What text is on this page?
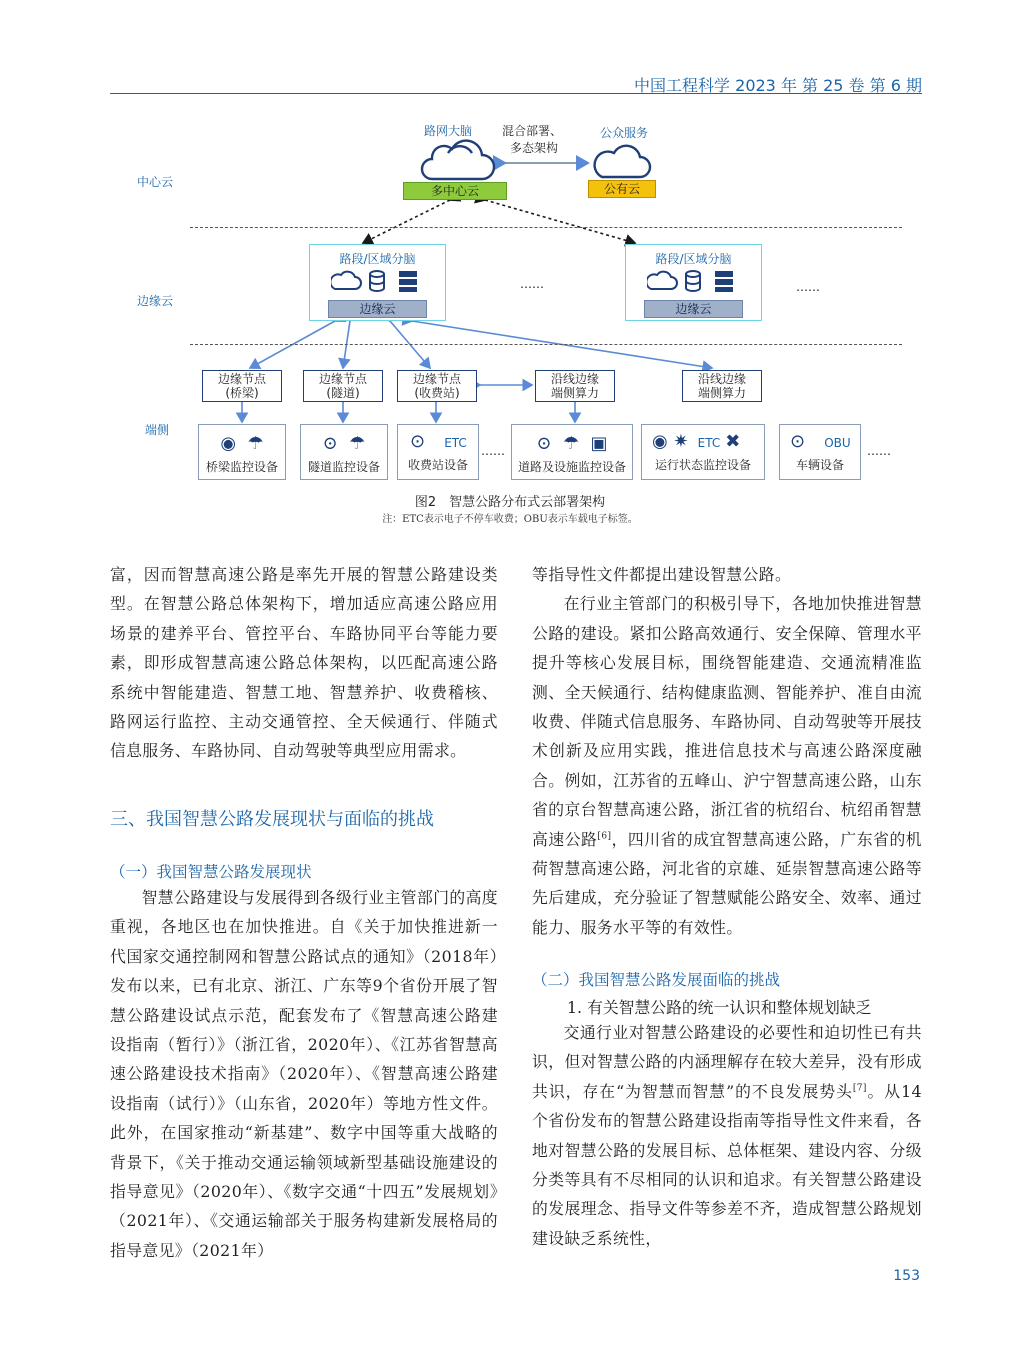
中国工程科学 2023 年 第 25 卷 第 6 期
中心云
边缘云
端侧
路网大脑
多中心云
混合部署、
多态架构
公众服务
公有云
路段/区域分脑
边缘云
……
路段/区域分脑
边缘云
……
边缘节点
(桥梁)
边缘节点
(隧道)
边缘节点
(收费站)
沿线边缘
端侧算力
沿线边缘
端侧算力
◉  ☂
桥梁监控设备
⊙  ☂
隧道监控设备
⊙ ETC
收费站设备
……	⊙  ☂  ▣
道路及设施监控设备
◉ ✷ ETC ✖
运行状态监控设备
⊙ OBU
车辆设备
……
图2　智慧公路分布式云部署架构
注：ETC表示电子不停车收费；OBU表示车载电子标签。

富，因而智慧高速公路是率先开展的智慧公路建设类型。在智慧公路总体架构下，增加适应高速公路应用场景的建养平台、管控平台、车路协同平台等能力要素，即形成智慧高速公路总体架构，以匹配高速公路系统中智能建造、智慧工地、智慧养护、收费稽核、路网运行监控、主动交通管控、全天候通行、伴随式信息服务、车路协同、自动驾驶等典型应用需求。

三、我国智慧公路发展现状与面临的挑战
（一）我国智慧公路发展现状

智慧公路建设与发展得到各级行业主管部门的高度重视，各地区也在加快推进。自《关于加快推进新一代国家交通控制网和智慧公路试点的通知》（2018年）发布以来，已有北京、浙江、广东等9个省份开展了智慧公路建设试点示范，配套发布了《智慧高速公路建设指南（暂行）》（浙江省，2020年）、《江苏省智慧高速公路建设技术指南》（2020年）、《智慧高速公路建设指南（试行）》（山东省，2020年）等地方性文件。此外，在国家推动“新基建”、数字中国等重大战略的背景下，《关于推动交通运输领域新型基础设施建设的指导意见》（2020年）、《数字交通“十四五”发展规划》（2021年）、《交通运输部关于服务构建新发展格局的指导意见》（2021年）

等指导性文件都提出建设智慧公路。

在行业主管部门的积极引导下，各地加快推进智慧公路的建设。紧扣公路高效通行、安全保障、管理水平提升等核心发展目标，围绕智能建造、交通流精准监测、全天候通行、结构健康监测、智能养护、准自由流收费、伴随式信息服务、车路协同、自动驾驶等开展技术创新及应用实践，推进信息技术与高速公路深度融合。例如，江苏省的五峰山、沪宁智慧高速公路，山东省的京台智慧高速公路，浙江省的杭绍台、杭绍甬智慧高速公路[6]，四川省的成宜智慧高速公路，广东省的机荷智慧高速公路，河北省的京雄、延崇智慧高速公路等先后建成，充分验证了智慧赋能公路安全、效率、通过能力、服务水平等的有效性。

（二）我国智慧公路发展面临的挑战
1. 有关智慧公路的统一认识和整体规划缺乏

交通行业对智慧公路建设的必要性和迫切性已有共识，但对智慧公路的内涵理解存在较大差异，没有形成共识，存在“为智慧而智慧”的不良发展势头[7]。从14个省份发布的智慧公路建设指南等指导性文件来看，各地对智慧公路的发展目标、总体框架、建设内容、分级分类等具有不尽相同的认识和追求。有关智慧公路建设的发展理念、指导文件等参差不齐，造成智慧公路规划建设缺乏系统性，

153
